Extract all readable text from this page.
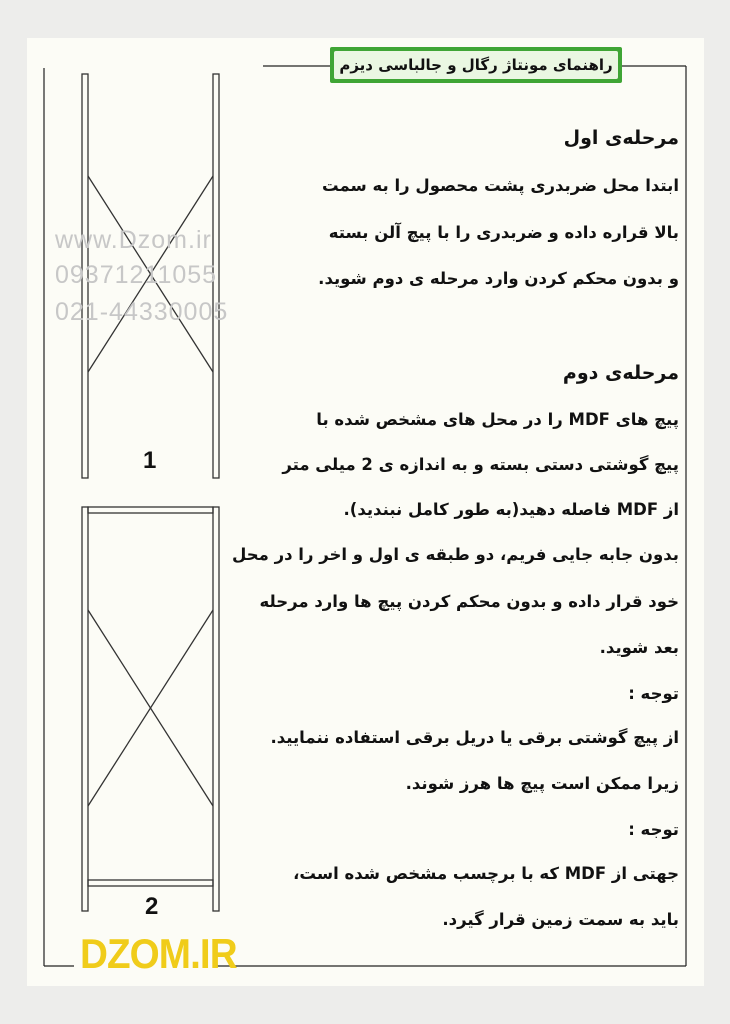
راهنمای مونتاژ رگال و جالباسی دیزم
www.Dzom.ir
09371211055
021-44330005
1
2
مرحله‌ی اول
ابتدا محل ضربدری پشت محصول را به سمت
بالا قراره داده و ضربدری را با پیچ آلن بسته
و بدون محکم کردن وارد مرحله ی دوم شوید.
مرحله‌ی دوم
پیچ های MDF را در محل های مشخص شده با
پیچ گوشتی دستی بسته و به اندازه ی 2 میلی متر
از MDF فاصله دهید(به طور کامل نبندید).
بدون جابه جایی فریم، دو طبقه ی اول و اخر را در محل
خود قرار داده و بدون محکم کردن پیچ ها وارد مرحله
بعد شوید.
توجه :
از پیچ گوشتی برقی یا دریل برقی استفاده ننمایید.
زیرا ممکن است پیچ ها هرز شوند.
توجه :
جهتی از MDF که با برچسب مشخص شده است،
باید به سمت زمین قرار گیرد.
DZOM.IR
